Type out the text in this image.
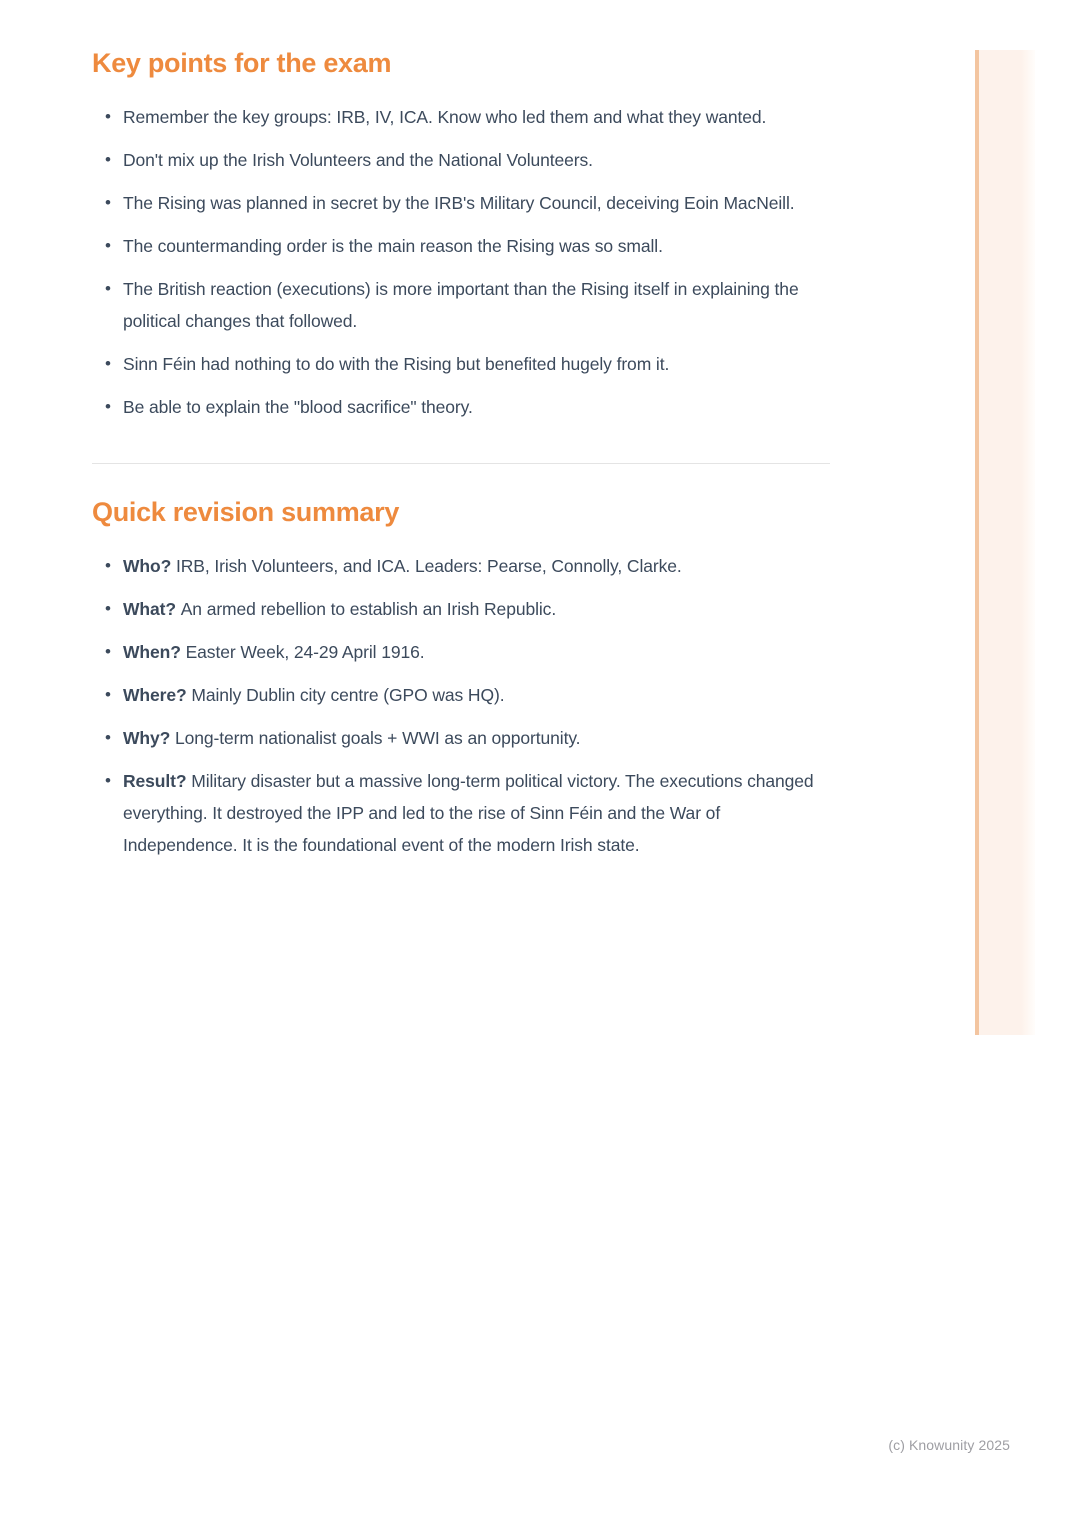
Key points for the exam
• Remember the key groups: IRB, IV, ICA. Know who led them and what they wanted.
• Don't mix up the Irish Volunteers and the National Volunteers.
• The Rising was planned in secret by the IRB's Military Council, deceiving Eoin MacNeill.
• The countermanding order is the main reason the Rising was so small.
• The British reaction (executions) is more important than the Rising itself in explaining the political changes that followed.
• Sinn Féin had nothing to do with the Rising but benefited hugely from it.
• Be able to explain the "blood sacrifice" theory.
Quick revision summary
• Who? IRB, Irish Volunteers, and ICA. Leaders: Pearse, Connolly, Clarke.
• What? An armed rebellion to establish an Irish Republic.
• When? Easter Week, 24-29 April 1916.
• Where? Mainly Dublin city centre (GPO was HQ).
• Why? Long-term nationalist goals + WWI as an opportunity.
• Result? Military disaster but a massive long-term political victory. The executions changed everything. It destroyed the IPP and led to the rise of Sinn Féin and the War of Independence. It is the foundational event of the modern Irish state.
(c) Knowunity 2025
